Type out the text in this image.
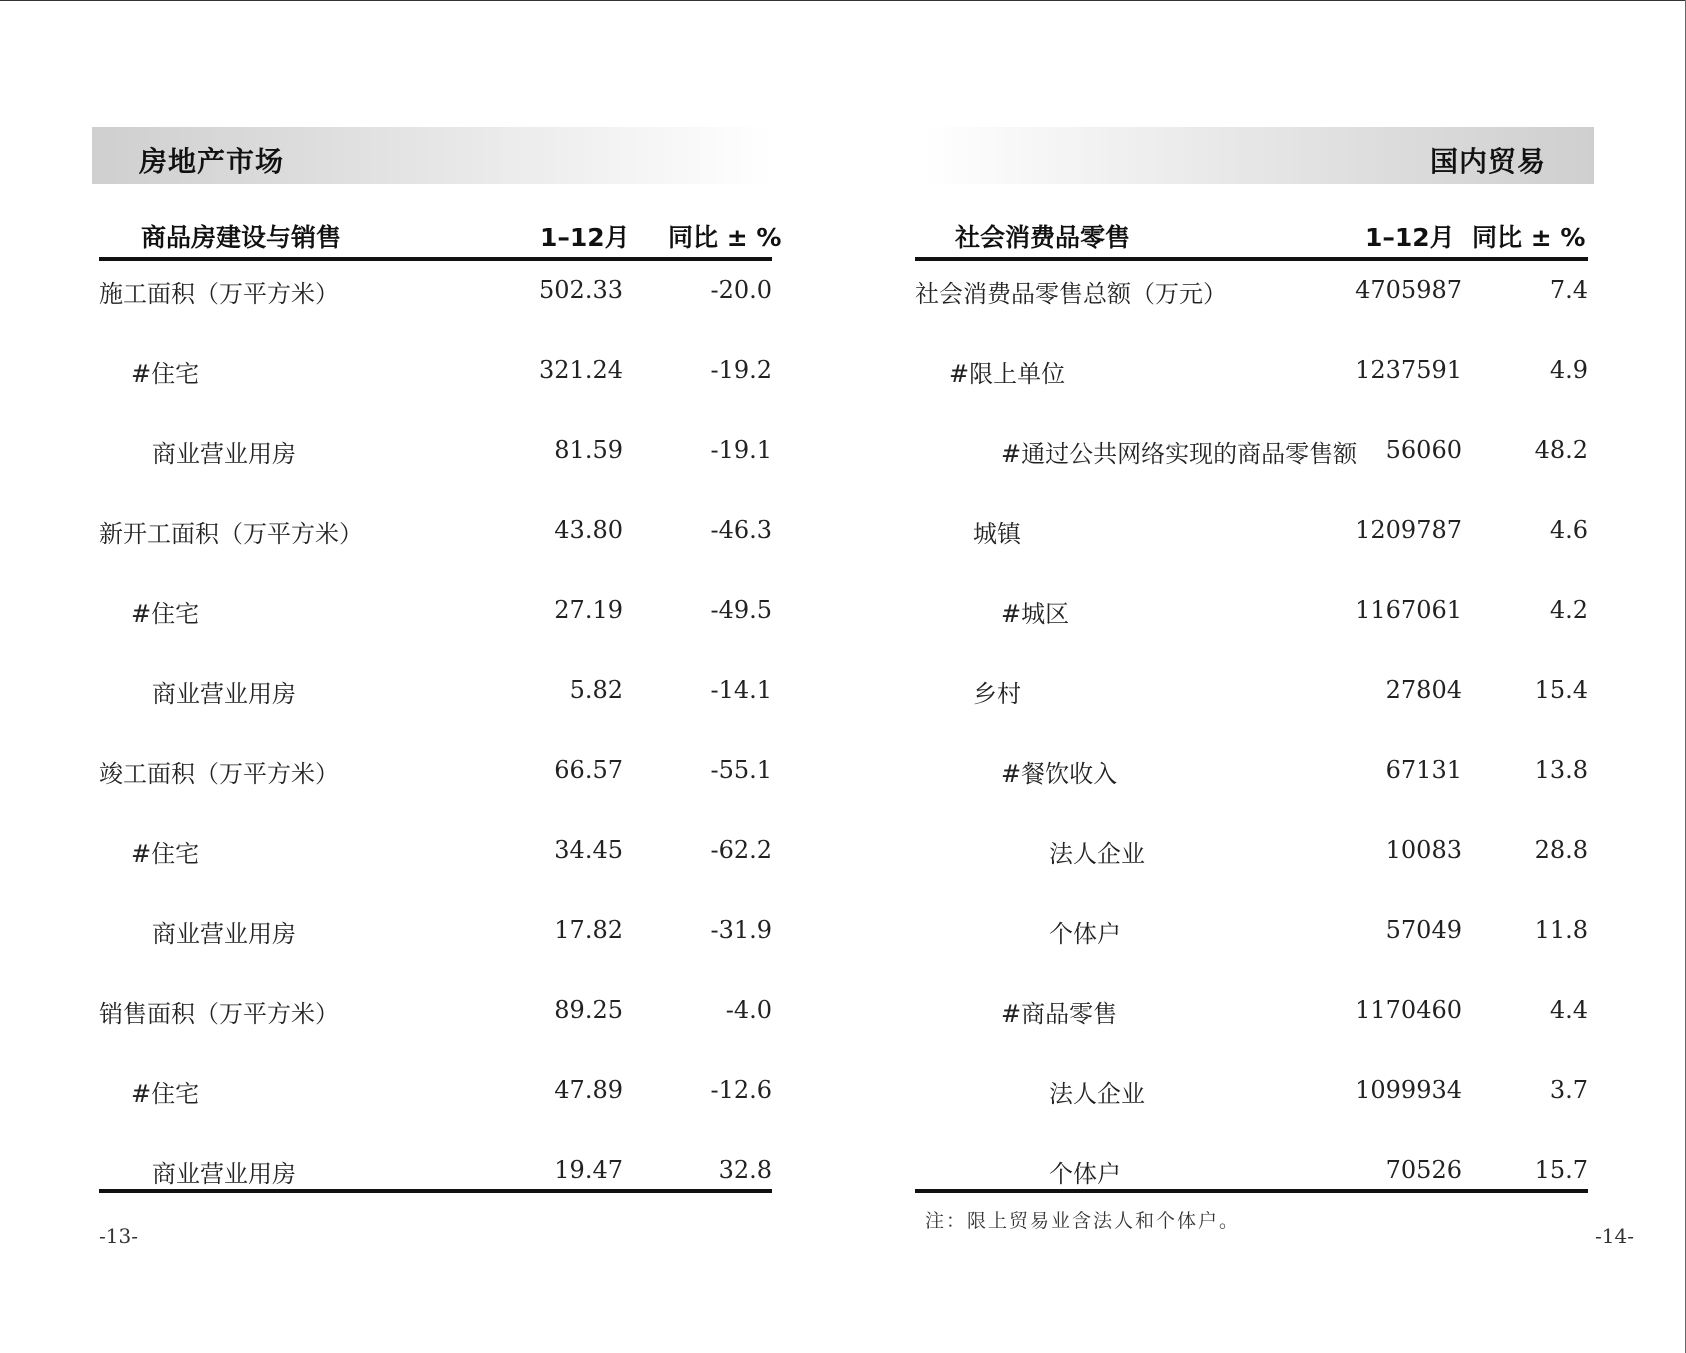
房地产市场
商品房建设与销售	1–12月 同比 ± %
施工面积（万平方米）	502.33	-20.0
#住宅	321.24	-19.2
商业营业用房	81.59	-19.1
新开工面积（万平方米）	43.80	-46.3
#住宅	27.19	-49.5
商业营业用房	5.82	-14.1
竣工面积（万平方米）	66.57	-55.1
#住宅	34.45	-62.2
商业营业用房	17.82	-31.9
销售面积（万平方米）	89.25	-4.0
#住宅	47.89	-12.6
商业营业用房	19.47	32.8
-13-
国内贸易
社会消费品零售	1–12月 同比 ± %
社会消费品零售总额（万元）	4705987	7.4
#限上单位	1237591	4.9
#通过公共网络实现的商品零售额 56060	48.2
城镇	1209787	4.6
#城区	1167061	4.2
乡村	27804	15.4
#餐饮收入	67131	13.8
法人企业	10083	28.8
个体户	57049	11.8
#商品零售	1170460	4.4
法人企业	1099934	3.7
个体户	70526	15.7
注：限上贸易业含法人和个体户。
-14-
